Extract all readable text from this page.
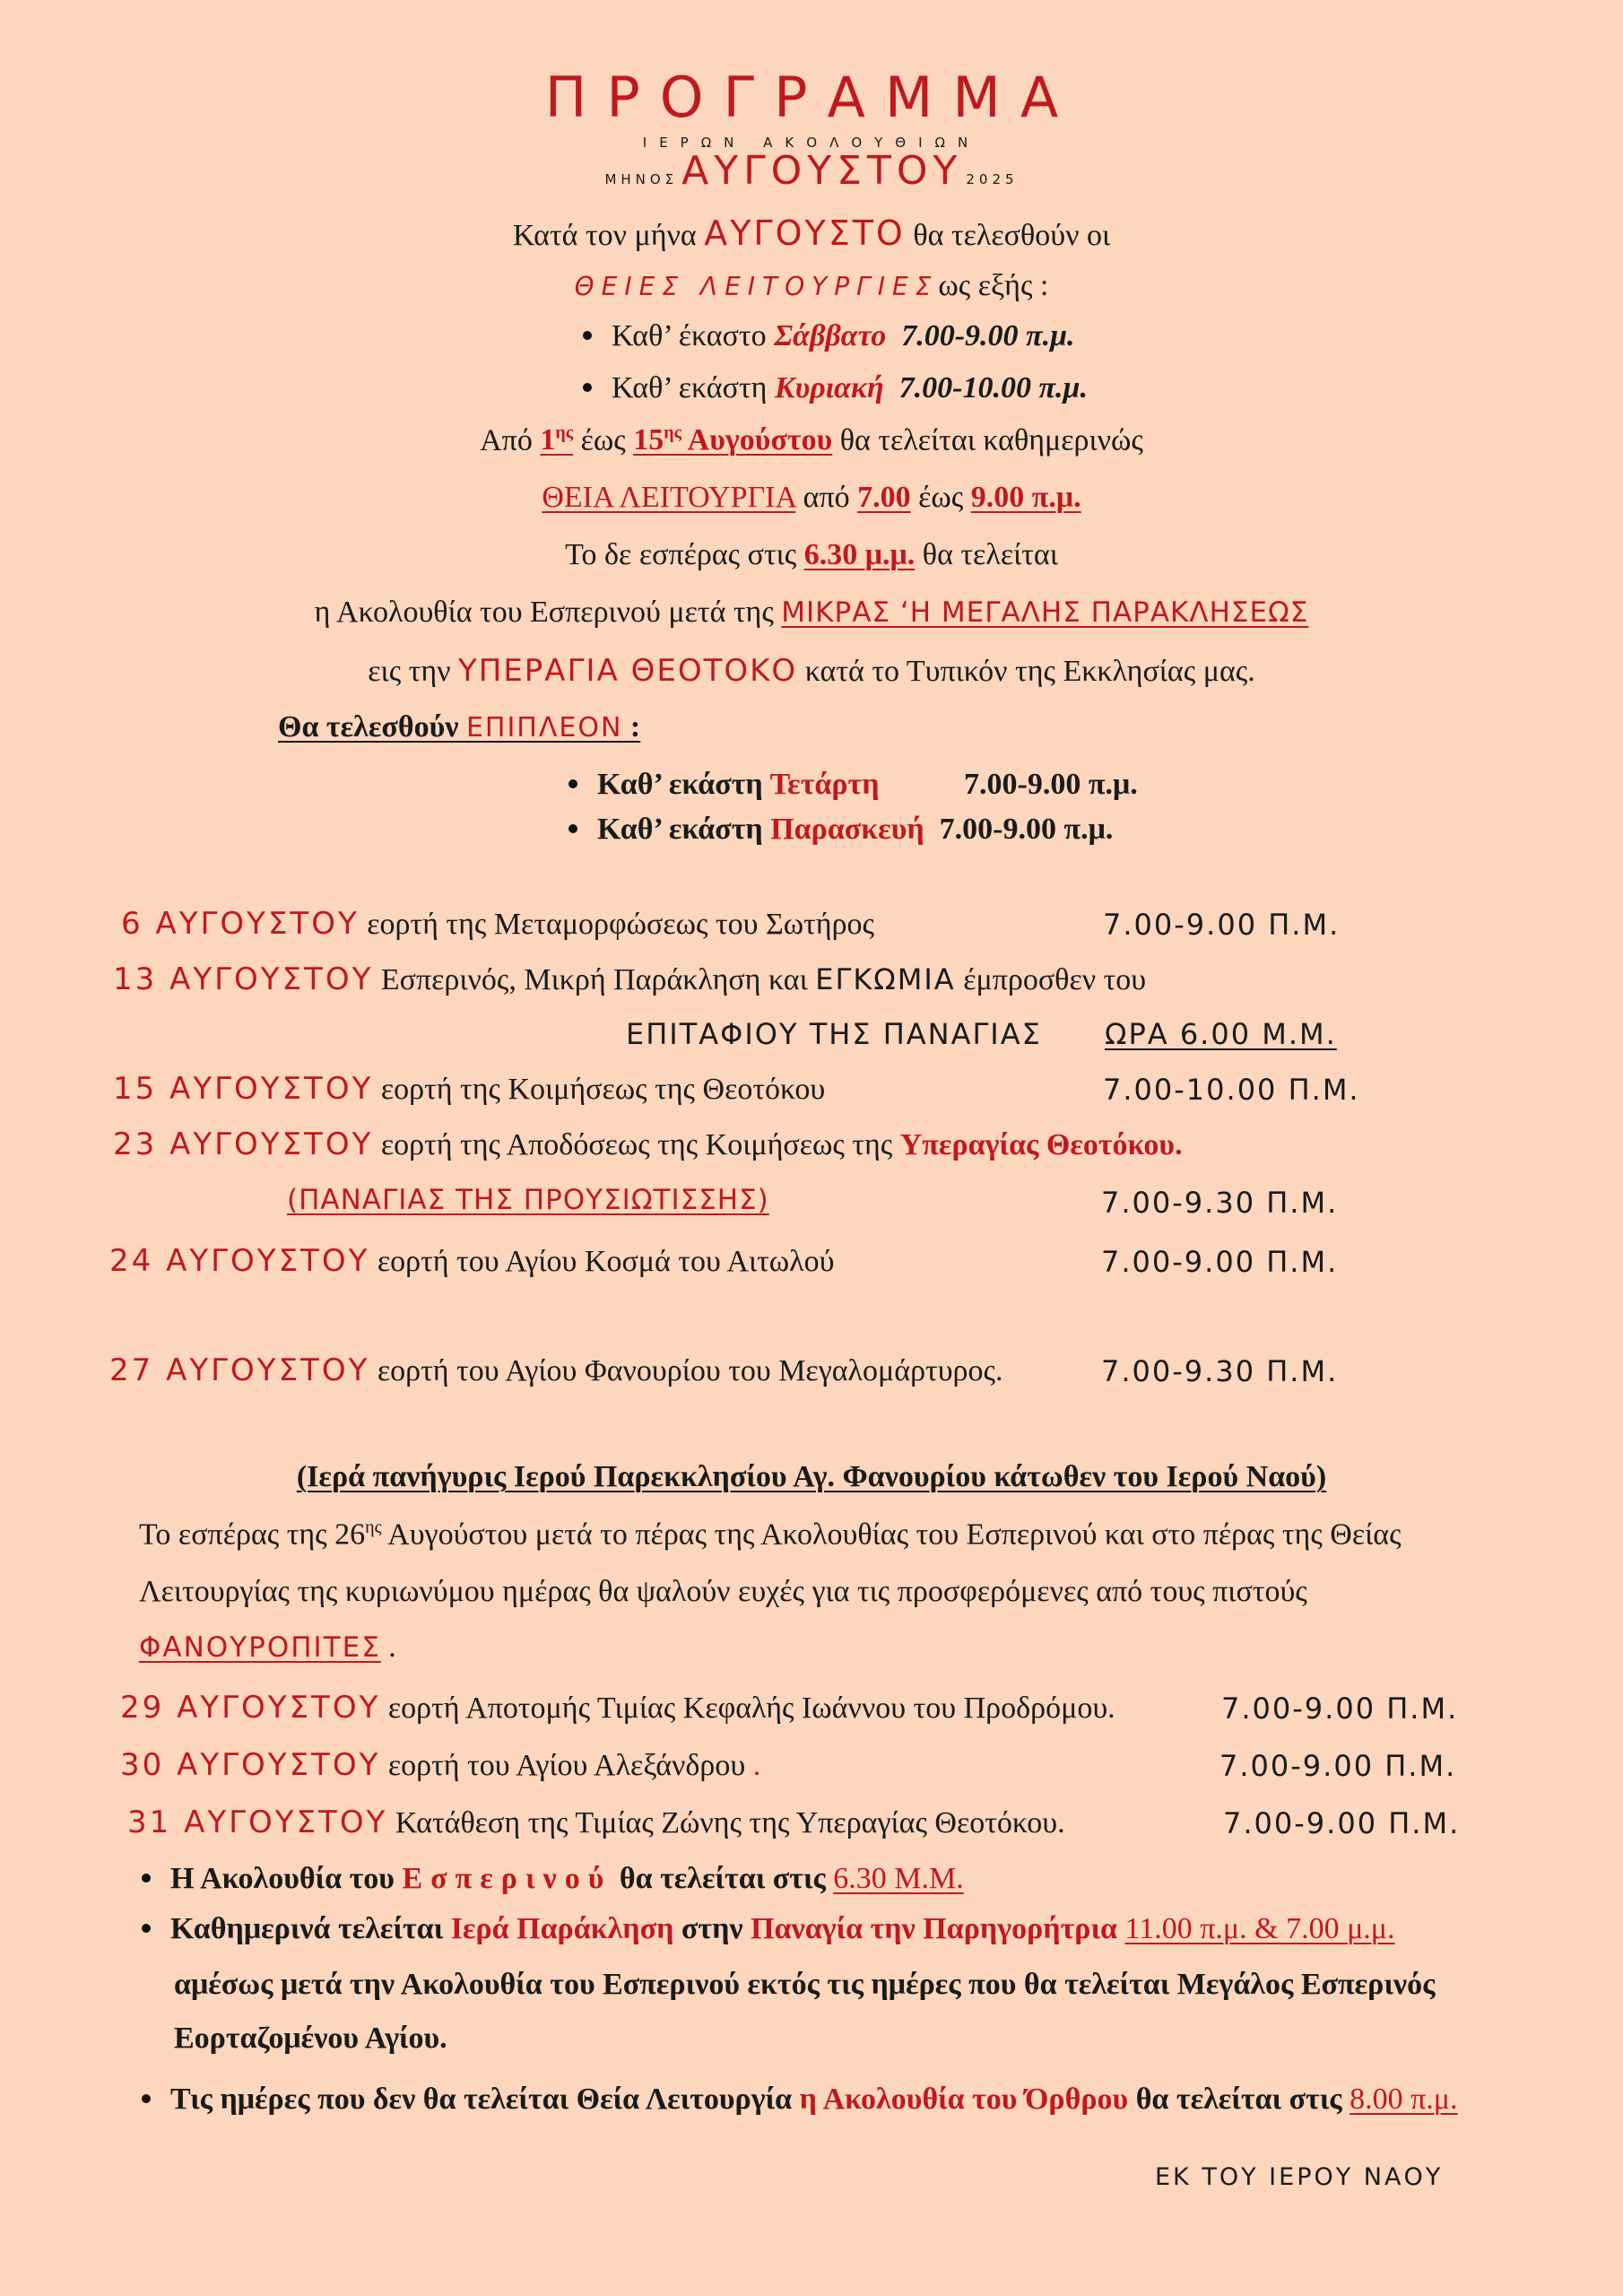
ΠΡΟΓΡΑΜΜΑ
ΙΕΡΩΝ ΑΚΟΛΟΥΘΙΩΝ
ΜΗΝΟΣ ΑΥΓΟΥΣΤΟΥ 2025
Κατά τον μήνα ΑΥΓΟΥΣΤΟ θα τελεσθούν οι
ΘΕΙΕΣ ΛΕΙΤΟΥΡΓΙΕΣως εξής :
Καθ’ έκαστο Σάββατο 7.00-9.00 π.μ.
Καθ’ εκάστη Κυριακή 7.00-10.00 π.μ.
Από $1^{\eta\varsigma}$ έως $15^{\eta\varsigma}$ Αυγούστου θα τελείται καθημερινώς
ΘΕΙΑ ΛΕΙΤΟΥΡΓΙΑ από 7.00 έως 9.00 π.μ.
Το δε εσπέρας στις 6.30 μ.μ. θα τελείται
η Ακολουθία του Εσπερινού μετά της ΜΙΚΡΑΣ ‘Η ΜΕΓΑΛΗΣ ΠΑΡΑΚΛΗΣΕΩΣ
εις την ΥΠΕΡΑΓΙΑ ΘΕΟΤΟΚΟ κατά το Τυπικόν της Εκκλησίας μας.
Θα τελεσθούν ΕΠΙΠΛΕΟΝ :
Καθ’ εκάστη Τετάρτη	7.00-9.00 π.μ.
Καθ’ εκάστη Παρασκευή 7.00-9.00 π.μ.
6 ΑΥΓΟΥΣΤΟΥ εορτή της Μεταμορφώσεως του Σωτήρος	7.00-9.00 Π.Μ.
13 ΑΥΓΟΥΣΤΟΥ Εσπερινός, Μικρή Παράκληση και ΕΓΚΩΜΙΑ έμπροσθεν του
ΕΠΙΤΑΦΙΟΥ ΤΗΣ ΠΑΝΑΓΙΑΣ ΩΡΑ 6.00 Μ.Μ.
15 ΑΥΓΟΥΣΤΟΥ εορτή της Κοιμήσεως της Θεοτόκου	7.00-10.00 Π.Μ.
23 ΑΥΓΟΥΣΤΟΥ εορτή της Αποδόσεως της Κοιμήσεως της Υπεραγίας Θεοτόκου.
(ΠΑΝΑΓΙΑΣ ΤΗΣ ΠΡΟΥΣΙΩΤΙΣΣΗΣ)	7.00-9.30 Π.Μ.
24 ΑΥΓΟΥΣΤΟΥ εορτή του Αγίου Κοσμά του Αιτωλού	7.00-9.00 Π.Μ.
27 ΑΥΓΟΥΣΤΟΥ εορτή του Αγίου Φανουρίου του Μεγαλομάρτυρος.	7.00-9.30 Π.Μ.
(Ιερά πανήγυρις Ιερού Παρεκκλησίου Αγ. Φανουρίου κάτωθεν του Ιερού Ναού)
Το εσπέρας της $26^{\eta\varsigma}$ Αυγούστου μετά το πέρας της Ακολουθίας του Εσπερινού και στο πέρας της Θείας
Λειτουργίας της κυριωνύμου ημέρας θα ψαλούν ευχές για τις προσφερόμενες από τους πιστούς
ΦΑΝΟΥΡΟΠΙΤΕΣ .
29 ΑΥΓΟΥΣΤΟΥ εορτή Αποτομής Τιμίας Κεφαλής Ιωάννου του Προδρόμου.	7.00-9.00 Π.Μ.
30 ΑΥΓΟΥΣΤΟΥ εορτή του Αγίου Αλεξάνδρου .	7.00-9.00 Π.Μ.
31 ΑΥΓΟΥΣΤΟΥ Κατάθεση της Τιμίας Ζώνης της Υπεραγίας Θεοτόκου.	7.00-9.00 Π.Μ.
Η Ακολουθία του Εσπερινού θα τελείται στις 6.30 Μ.Μ.
Καθημερινά τελείται Ιερά Παράκληση στην Παναγία την Παρηγορήτρια 11.00 π.μ. & 7.00 μ.μ.
αμέσως μετά την Ακολουθία του Εσπερινού εκτός τις ημέρες που θα τελείται Μεγάλος Εσπερινός
Εορταζομένου Αγίου.
Τις ημέρες που δεν θα τελείται Θεία Λειτουργία η Ακολουθία του Όρθρου θα τελείται στις 8.00 π.μ.
ΕΚ ΤΟΥ ΙΕΡΟΥ ΝΑΟΥ
